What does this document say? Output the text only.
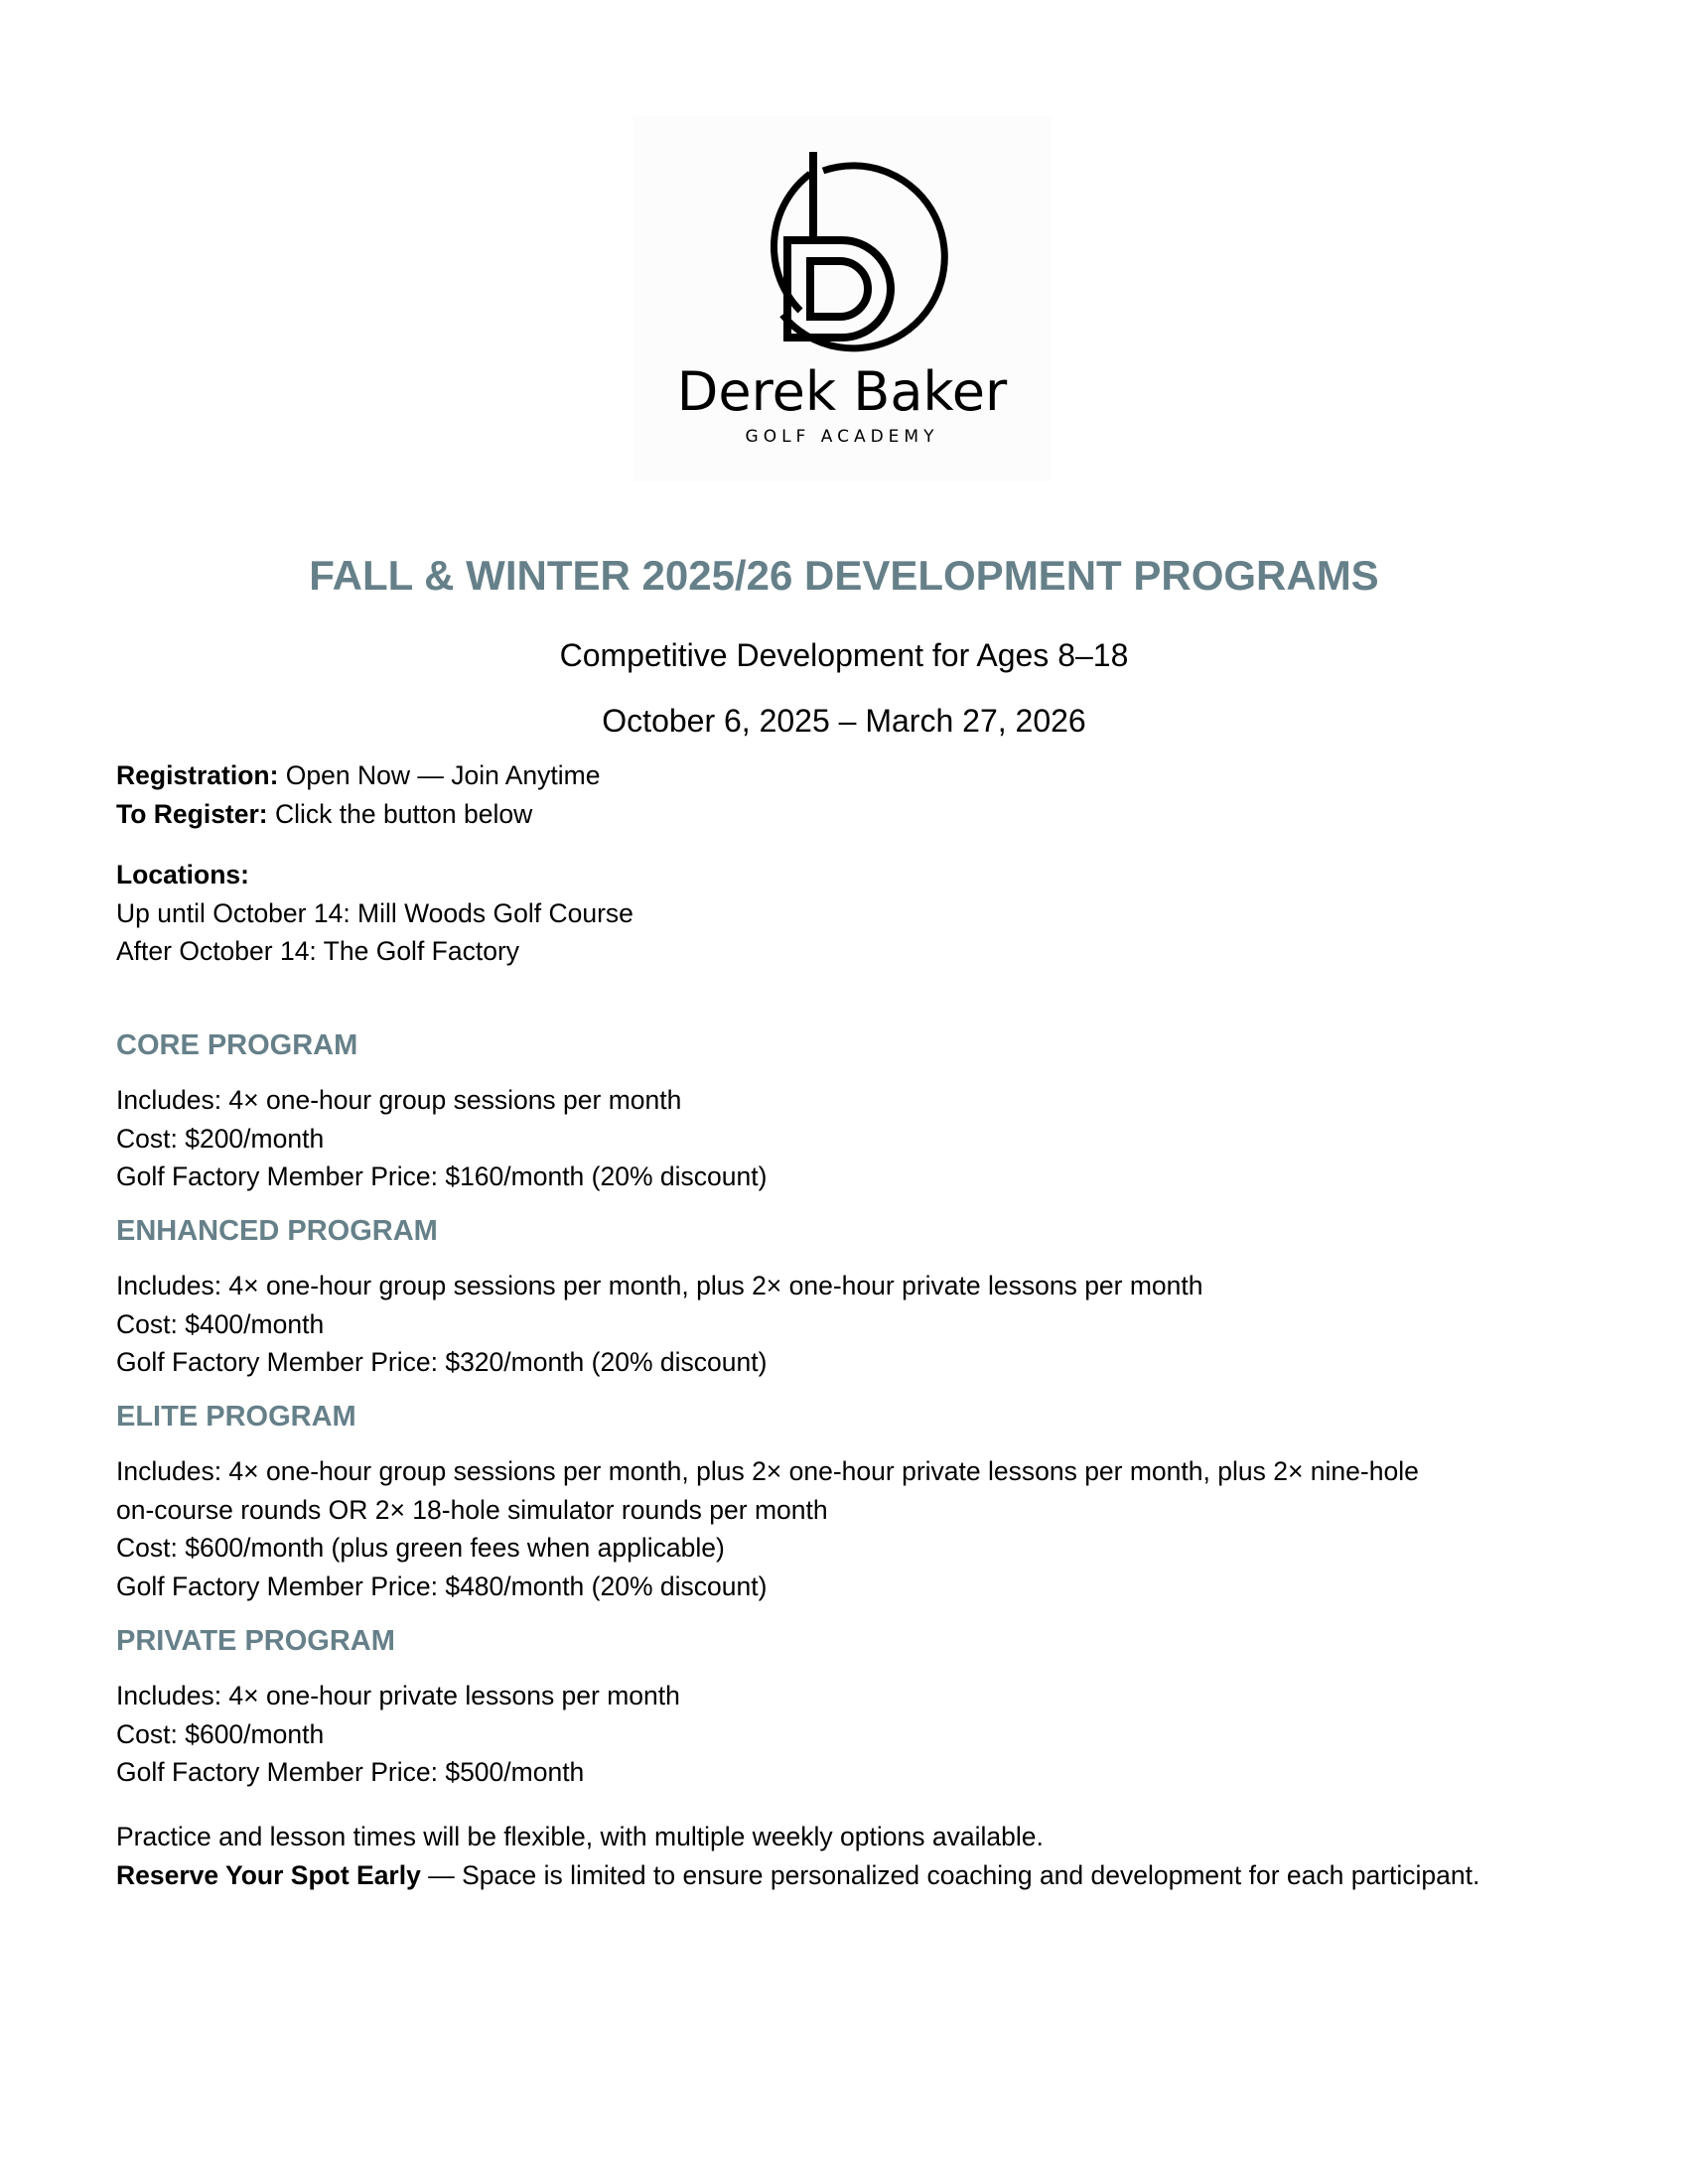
Derek Baker
GOLF ACADEMY
FALL & WINTER 2025/26 DEVELOPMENT PROGRAMS
Competitive Development for Ages 8–18
October 6, 2025 – March 27, 2026
Registration: Open Now — Join Anytime
To Register: Click the button below
Locations:
Up until October 14: Mill Woods Golf Course
After October 14: The Golf Factory
CORE PROGRAM
Includes: 4× one-hour group sessions per month
Cost: $200/month
Golf Factory Member Price: $160/month (20% discount)
ENHANCED PROGRAM
Includes: 4× one-hour group sessions per month, plus 2× one-hour private lessons per month
Cost: $400/month
Golf Factory Member Price: $320/month (20% discount)
ELITE PROGRAM
Includes: 4× one-hour group sessions per month, plus 2× one-hour private lessons per month, plus 2× nine-hole
on-course rounds OR 2× 18-hole simulator rounds per month
Cost: $600/month (plus green fees when applicable)
Golf Factory Member Price: $480/month (20% discount)
PRIVATE PROGRAM
Includes: 4× one-hour private lessons per month
Cost: $600/month
Golf Factory Member Price: $500/month
Practice and lesson times will be flexible, with multiple weekly options available.
Reserve Your Spot Early — Space is limited to ensure personalized coaching and development for each participant.
